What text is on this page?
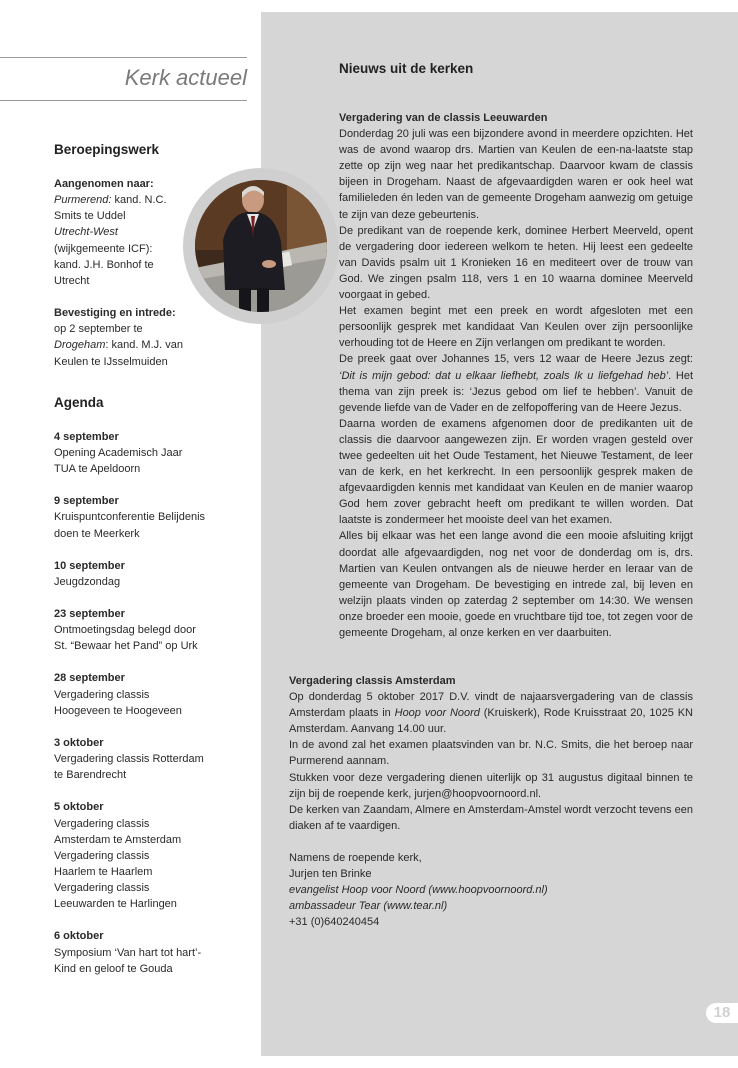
Kerk actueel
Beroepingswerk
Aangenomen naar:
Purmerend: kand. N.C.
Smits te Uddel
Utrecht-West
(wijkgemeente ICF):
kand. J.H. Bonhof te
Utrecht
Bevestiging en intrede:
op 2 september te
Drogeham: kand. M.J. van
Keulen te IJsselmuiden
Agenda
4 september
Opening Academisch Jaar
TUA te Apeldoorn
9 september
Kruispuntconferentie Belijdenis
doen te Meerkerk
10 september
Jeugdzondag
23 september
Ontmoetingsdag belegd door
St. “Bewaar het Pand” op Urk
28 september
Vergadering classis
Hoogeveen te Hoogeveen
3 oktober
Vergadering classis Rotterdam
te Barendrecht
5 oktober
Vergadering classis
Amsterdam te Amsterdam
Vergadering classis
Haarlem te Haarlem
Vergadering classis
Leeuwarden te Harlingen
6 oktober
Symposium ‘Van hart tot hart’-
Kind en geloof te Gouda
Nieuws uit de kerken
Vergadering van de classis Leeuwarden

Donderdag 20 juli was een bijzondere avond in meerdere opzichten. Het was de avond waarop drs. Martien van Keulen de een-na-laatste stap zette op zijn weg naar het predikantschap. Daarvoor kwam de classis bijeen in Drogeham. Naast de afgevaardigden waren er ook heel wat familieleden én leden van de gemeente Drogeham aanwezig om getuige te zijn van deze gebeurtenis.

De predikant van de roepende kerk, dominee Herbert Meerveld, opent de vergadering door iedereen welkom te heten. Hij leest een gedeelte van Davids psalm uit 1 Kronieken 16 en mediteert over de trouw van God. We zingen psalm 118, vers 1 en 10 waarna dominee Meerveld voorgaat in gebed.

Het examen begint met een preek en wordt afgesloten met een persoonlijk gesprek met kandidaat Van Keulen over zijn persoonlijke verhouding tot de Heere en Zijn verlangen om predikant te worden.

De preek gaat over Johannes 15, vers 12 waar de Heere Jezus zegt: ‘Dit is mijn gebod: dat u elkaar liefhebt, zoals Ik u liefgehad heb’. Het thema van zijn preek is: ‘Jezus gebod om lief te hebben’. Vanuit de gevende liefde van de Vader en de zelfopoffering van de Heere Jezus.

Daarna worden de examens afgenomen door de predikanten uit de classis die daarvoor aangewezen zijn. Er worden vragen gesteld over twee gedeelten uit het Oude Testament, het Nieuwe Testament, de leer van de kerk, en het kerkrecht. In een persoonlijk gesprek maken de afgevaardigden kennis met kandidaat van Keulen en de manier waarop God hem zover gebracht heeft om predikant te willen worden. Dat laatste is zondermeer het mooiste deel van het examen.

Alles bij elkaar was het een lange avond die een mooie afsluiting krijgt doordat alle afgevaardigden, nog net voor de donderdag om is, drs. Martien van Keulen ontvangen als de nieuwe herder en leraar van de gemeente van Drogeham. De bevestiging en intrede zal, bij leven en welzijn plaats vinden op zaterdag 2 september om 14:30. We wensen onze broeder een mooie, goede en vruchtbare tijd toe, tot zegen voor de gemeente Drogeham, al onze kerken en ver daarbuiten.

Vergadering classis Amsterdam

Op donderdag 5 oktober 2017 D.V. vindt de najaarsvergadering van de classis Amsterdam plaats in Hoop voor Noord (Kruiskerk), Rode Kruisstraat 20, 1025 KN Amsterdam. Aanvang 14.00 uur.

In de avond zal het examen plaatsvinden van br. N.C. Smits, die het beroep naar Purmerend aannam.

Stukken voor deze vergadering dienen uiterlijk op 31 augustus digitaal binnen te zijn bij de roepende kerk, jurjen@hoopvoornoord.nl.

De kerken van Zaandam, Almere en Amsterdam-Amstel wordt verzocht tevens een diaken af te vaardigen.

Namens de roepende kerk,
Jurjen ten Brinke
evangelist Hoop voor Noord (www.hoopvoornoord.nl)
ambassadeur Tear (www.tear.nl)
+31 (0)640240454
18
